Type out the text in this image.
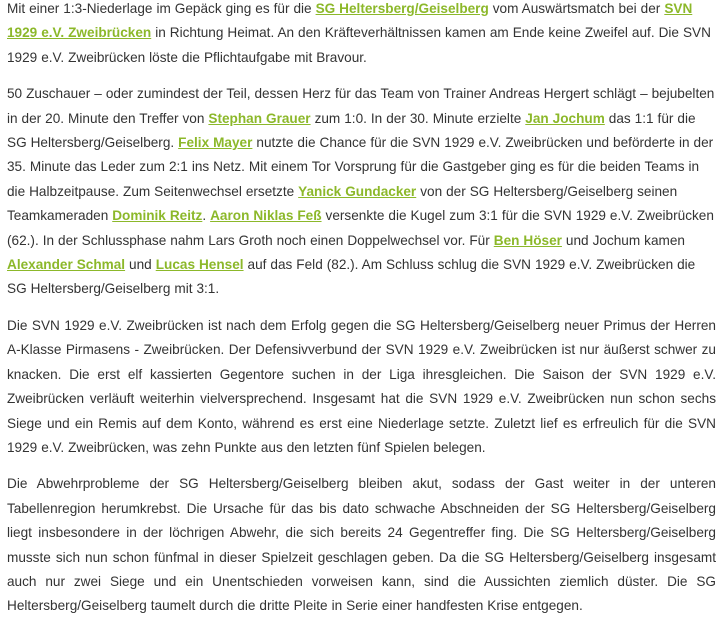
Mit einer 1:3-Niederlage im Gepäck ging es für die SG Heltersberg/Geiselberg vom Auswärtsmatch bei der SVN 1929 e.V. Zweibrücken in Richtung Heimat. An den Kräfteverhältnissen kamen am Ende keine Zweifel auf. Die SVN 1929 e.V. Zweibrücken löste die Pflichtaufgabe mit Bravour.

50 Zuschauer – oder zumindest der Teil, dessen Herz für das Team von Trainer Andreas Hergert schlägt – bejubelten in der 20. Minute den Treffer von Stephan Grauer zum 1:0. In der 30. Minute erzielte Jan Jochum das 1:1 für die SG Heltersberg/Geiselberg. Felix Mayer nutzte die Chance für die SVN 1929 e.V. Zweibrücken und beförderte in der 35. Minute das Leder zum 2:1 ins Netz. Mit einem Tor Vorsprung für die Gastgeber ging es für die beiden Teams in die Halbzeitpause. Zum Seitenwechsel ersetzte Yanick Gundacker von der SG Heltersberg/Geiselberg seinen Teamkameraden Dominik Reitz. Aaron Niklas Feß versenkte die Kugel zum 3:1 für die SVN 1929 e.V. Zweibrücken (62.). In der Schlussphase nahm Lars Groth noch einen Doppelwechsel vor. Für Ben Höser und Jochum kamen Alexander Schmal und Lucas Hensel auf das Feld (82.). Am Schluss schlug die SVN 1929 e.V. Zweibrücken die SG Heltersberg/Geiselberg mit 3:1.

Die SVN 1929 e.V. Zweibrücken ist nach dem Erfolg gegen die SG Heltersberg/Geiselberg neuer Primus der Herren A-Klasse Pirmasens - Zweibrücken. Der Defensivverbund der SVN 1929 e.V. Zweibrücken ist nur äußerst schwer zu knacken. Die erst elf kassierten Gegentore suchen in der Liga ihresgleichen. Die Saison der SVN 1929 e.V. Zweibrücken verläuft weiterhin vielversprechend. Insgesamt hat die SVN 1929 e.V. Zweibrücken nun schon sechs Siege und ein Remis auf dem Konto, während es erst eine Niederlage setzte. Zuletzt lief es erfreulich für die SVN 1929 e.V. Zweibrücken, was zehn Punkte aus den letzten fünf Spielen belegen.

Die Abwehrprobleme der SG Heltersberg/Geiselberg bleiben akut, sodass der Gast weiter in der unteren Tabellenregion herumkrebst. Die Ursache für das bis dato schwache Abschneiden der SG Heltersberg/Geiselberg liegt insbesondere in der löchrigen Abwehr, die sich bereits 24 Gegentreffer fing. Die SG Heltersberg/Geiselberg musste sich nun schon fünfmal in dieser Spielzeit geschlagen geben. Da die SG Heltersberg/Geiselberg insgesamt auch nur zwei Siege und ein Unentschieden vorweisen kann, sind die Aussichten ziemlich düster. Die SG Heltersberg/Geiselberg taumelt durch die dritte Pleite in Serie einer handfesten Krise entgegen.
